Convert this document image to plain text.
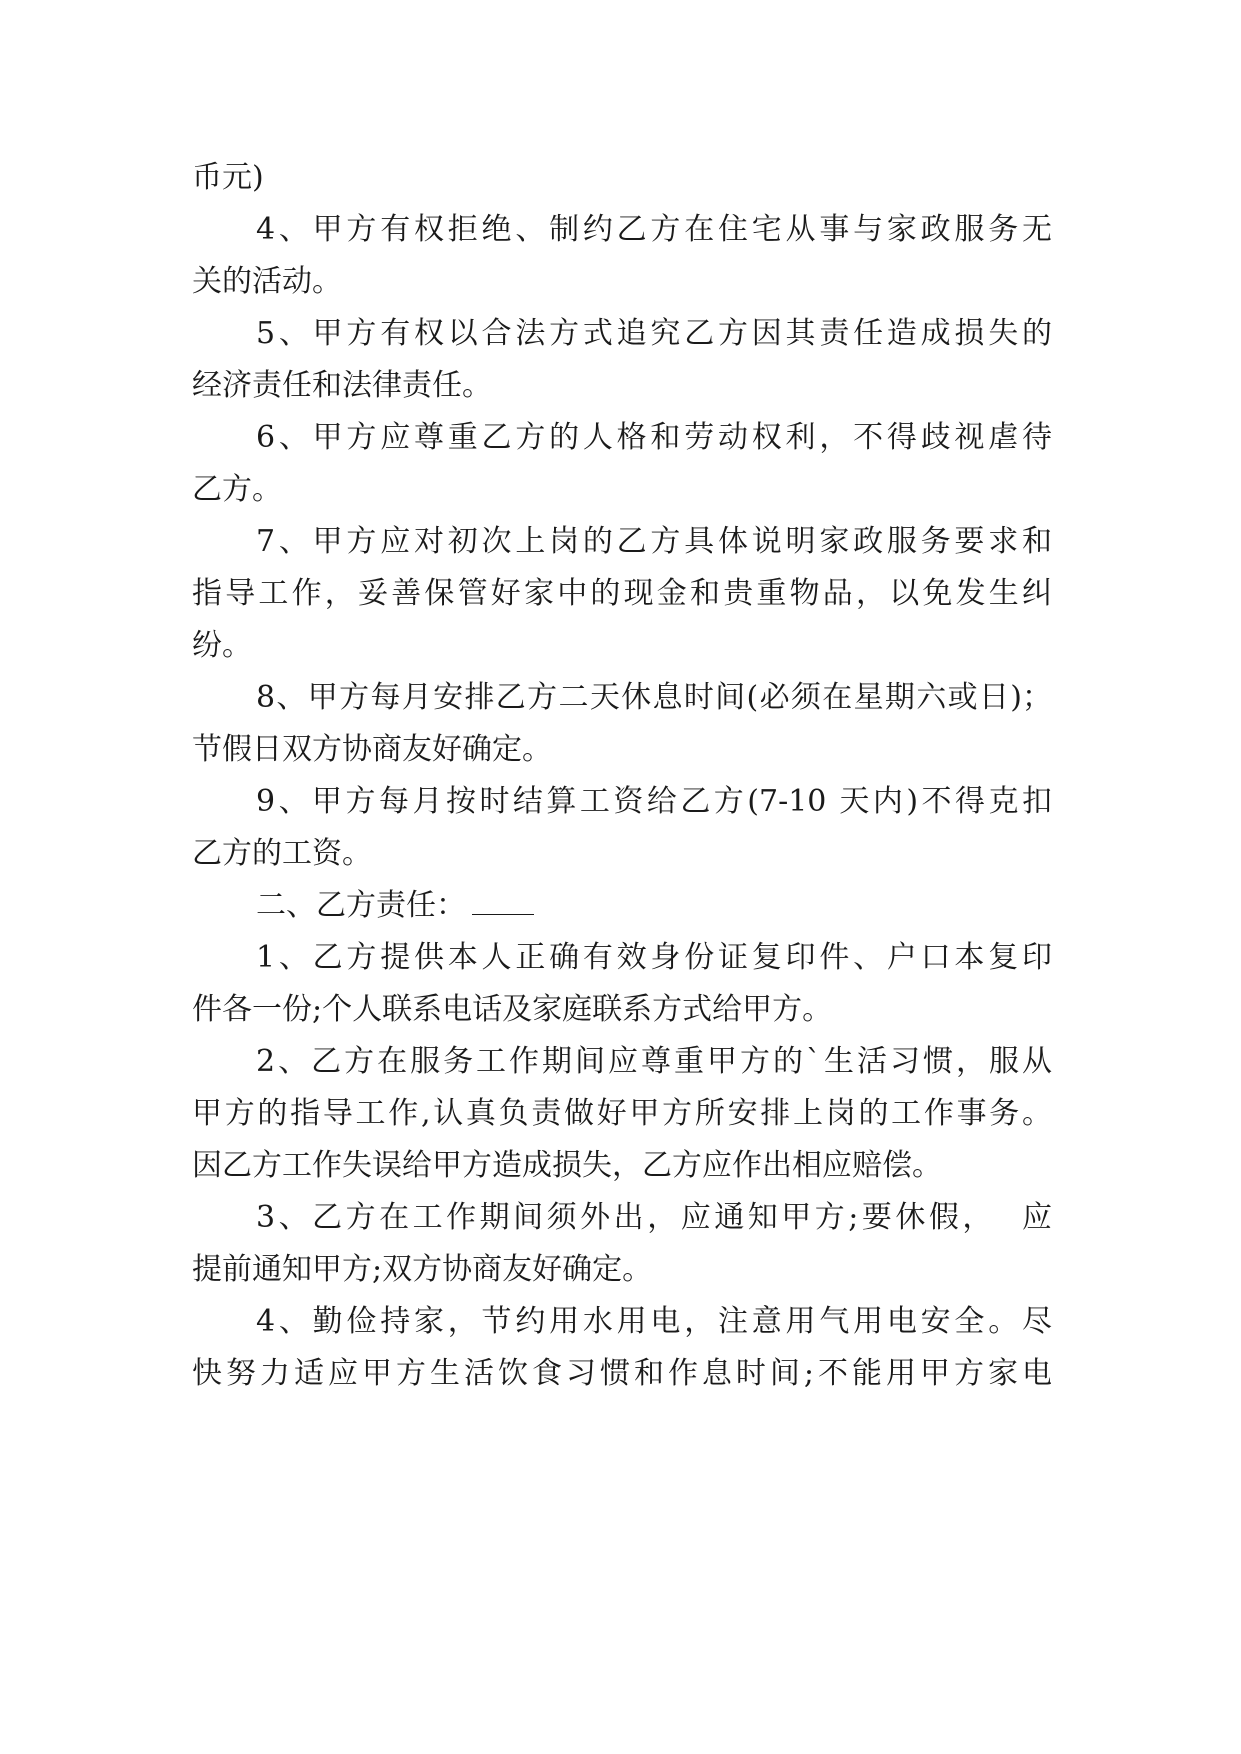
币元)
4、甲方有权拒绝、制约乙方在住宅从事与家政服务无
关的活动。
5、甲方有权以合法方式追究乙方因其责任造成损失的
经济责任和法律责任。
6、甲方应尊重乙方的人格和劳动权利，不得歧视虐待
乙方。
7、甲方应对初次上岗的乙方具体说明家政服务要求和
指导工作，妥善保管好家中的现金和贵重物品，以免发生纠
纷。
8、甲方每月安排乙方二天休息时间(必须在星期六或日)；
节假日双方协商友好确定。
9、甲方每月按时结算工资给乙方(7-10 天内)不得克扣
乙方的工资。
二、乙方责任：
1、乙方提供本人正确有效身份证复印件、户口本复印
件各一份;个人联系电话及家庭联系方式给甲方。
2、乙方在服务工作期间应尊重甲方的`生活习惯，服从
甲方的指导工作,认真负责做好甲方所安排上岗的工作事务。
因乙方工作失误给甲方造成损失，乙方应作出相应赔偿。
3、乙方在工作期间须外出，应通知甲方;要休假，  应
提前通知甲方;双方协商友好确定。
4、勤俭持家，节约用水用电，注意用气用电安全。尽
快努力适应甲方生活饮食习惯和作息时间;不能用甲方家电
